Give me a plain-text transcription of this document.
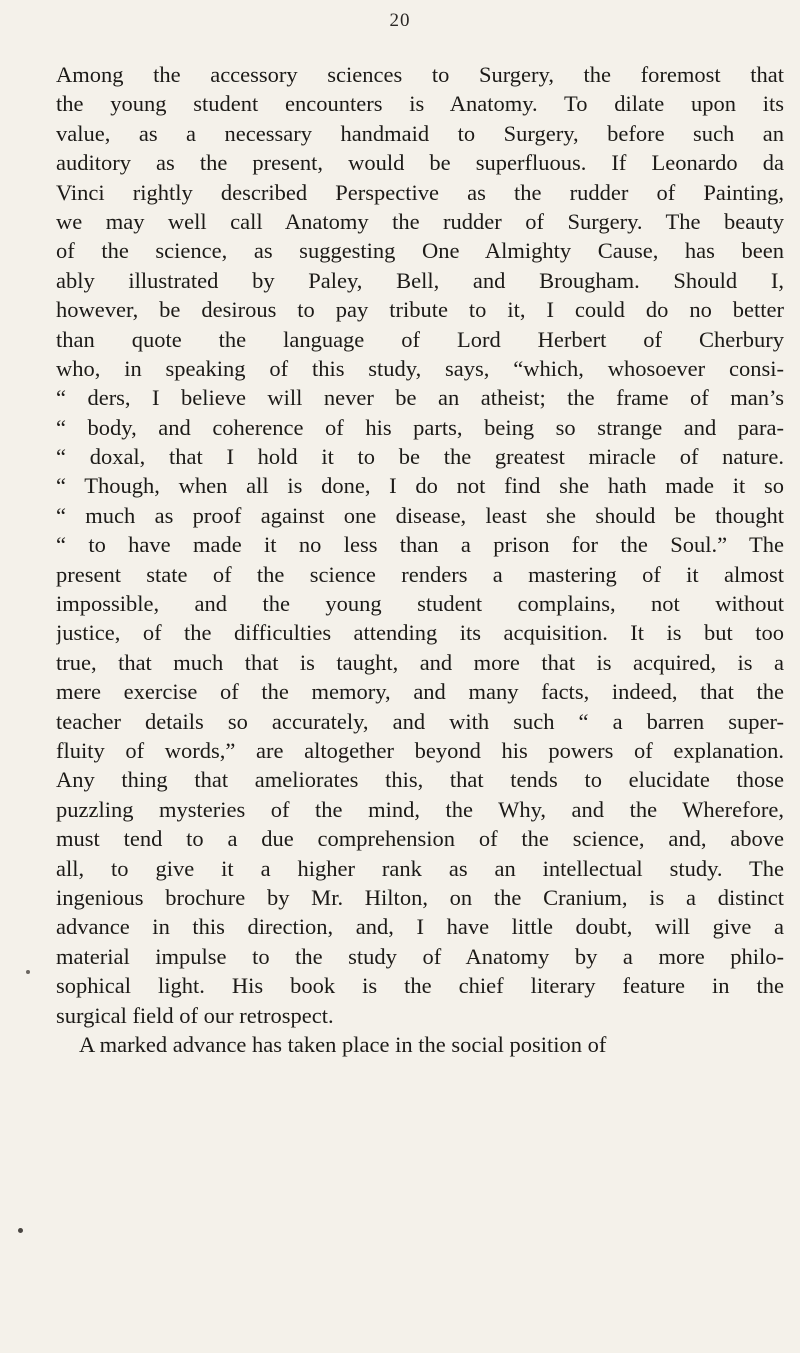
20
Among the accessory sciences to Surgery, the foremost that
the young student encounters is Anatomy. To dilate upon its
value, as a necessary handmaid to Surgery, before such an
auditory as the present, would be superfluous. If Leonardo da
Vinci rightly described Perspective as the rudder of Painting,
we may well call Anatomy the rudder of Surgery. The beauty
of the science, as suggesting One Almighty Cause, has been
ably illustrated by Paley, Bell, and Brougham. Should I,
however, be desirous to pay tribute to it, I could do no better
than quote the language of Lord Herbert of Cherbury
who, in speaking of this study, says, “which, whosoever consi-
“ ders, I believe will never be an atheist; the frame of man’s
“ body, and coherence of his parts, being so strange and para-
“ doxal, that I hold it to be the greatest miracle of nature.
“ Though, when all is done, I do not find she hath made it so
“ much as proof against one disease, least she should be thought
“ to have made it no less than a prison for the Soul.” The
present state of the science renders a mastering of it almost
impossible, and the young student complains, not without
justice, of the difficulties attending its acquisition. It is but too
true, that much that is taught, and more that is acquired, is a
mere exercise of the memory, and many facts, indeed, that the
teacher details so accurately, and with such “ a barren super-
fluity of words,” are altogether beyond his powers of explanation.
Any thing that ameliorates this, that tends to elucidate those
puzzling mysteries of the mind, the Why, and the Wherefore,
must tend to a due comprehension of the science, and, above
all, to give it a higher rank as an intellectual study. The
ingenious brochure by Mr. Hilton, on the Cranium, is a distinct
advance in this direction, and, I have little doubt, will give a
material impulse to the study of Anatomy by a more philo-
sophical light. His book is the chief literary feature in the
surgical field of our retrospect.
A marked advance has taken place in the social position of
